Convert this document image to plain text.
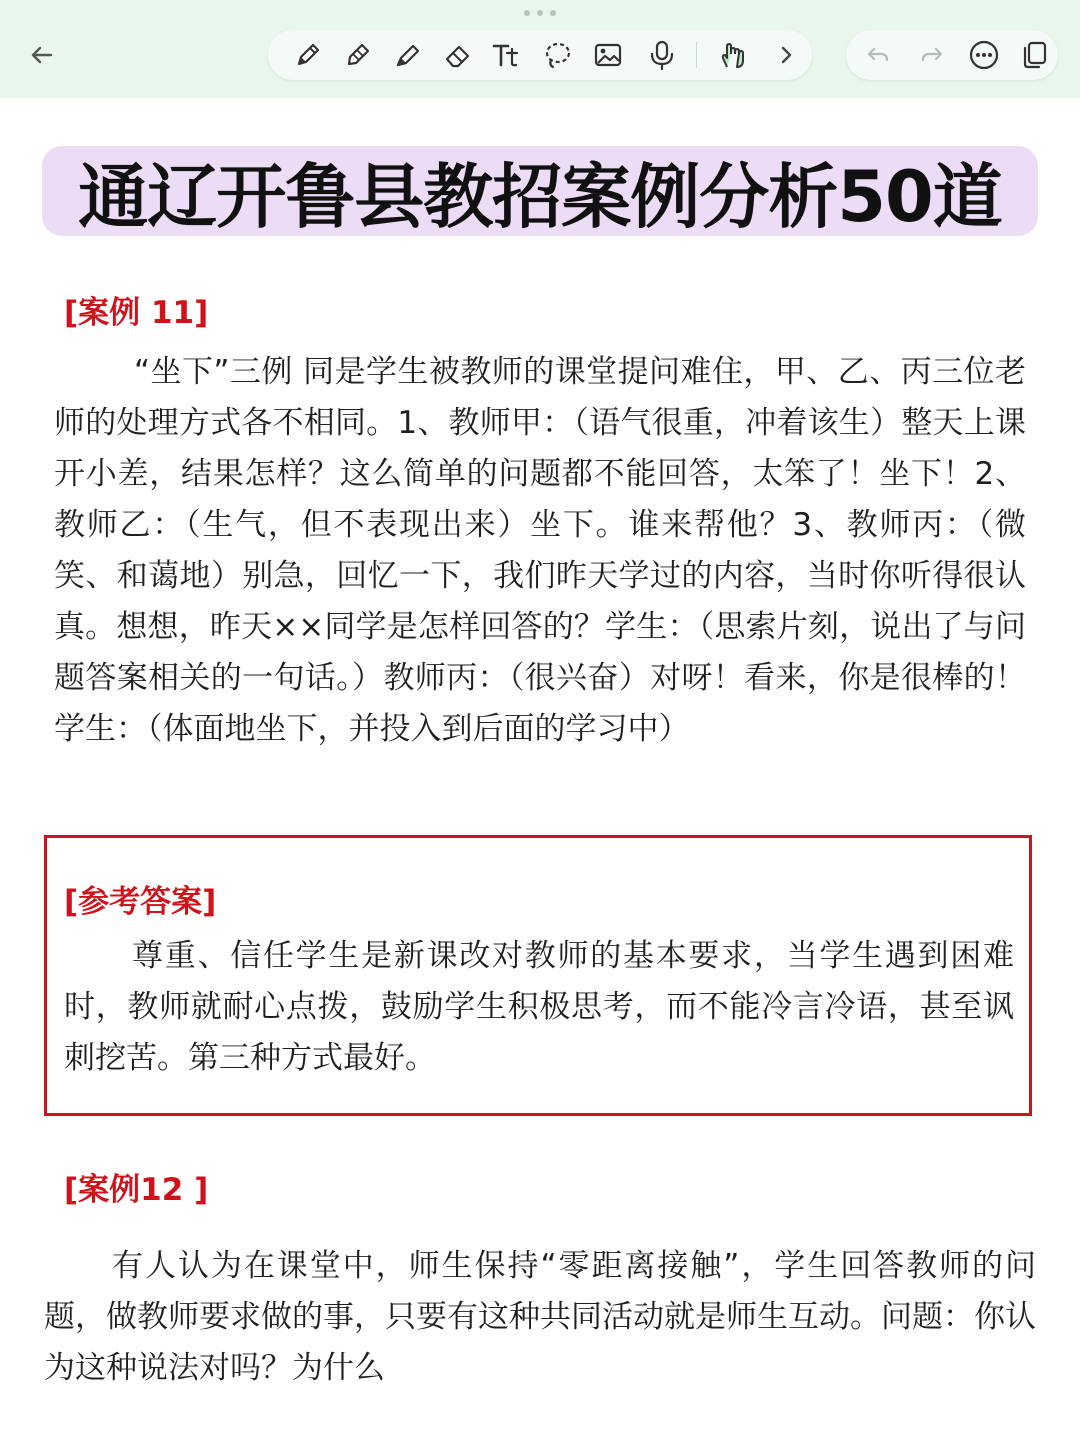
通辽开鲁县教招案例分析50道
[案例 11]

“坐下”三例 同是学生被教师的课堂提问难住，甲、乙、丙三位老师的处理方式各不相同。1、教师甲：（语气很重，冲着该生）整天上课开小差，结果怎样？这么简单的问题都不能回答，太笨了！坐下！2、教师乙：（生气，但不表现出来）坐下。谁来帮他？3、教师丙：（微笑、和蔼地）别急，回忆一下，我们昨天学过的内容，当时你听得很认真。想想，昨天××同学是怎样回答的？学生：（思索片刻，说出了与问题答案相关的一句话。）教师丙：（很兴奋）对呀！看来，你是很棒的！学生：（体面地坐下，并投入到后面的学习中）

[参考答案]

尊重、信任学生是新课改对教师的基本要求，当学生遇到困难时，教师就耐心点拨，鼓励学生积极思考，而不能冷言冷语，甚至讽刺挖苦。第三种方式最好。

[案例12 ]

有人认为在课堂中，师生保持“零距离接触”，学生回答教师的问题，做教师要求做的事，只要有这种共同活动就是师生互动。问题：你认为这种说法对吗？为什么
